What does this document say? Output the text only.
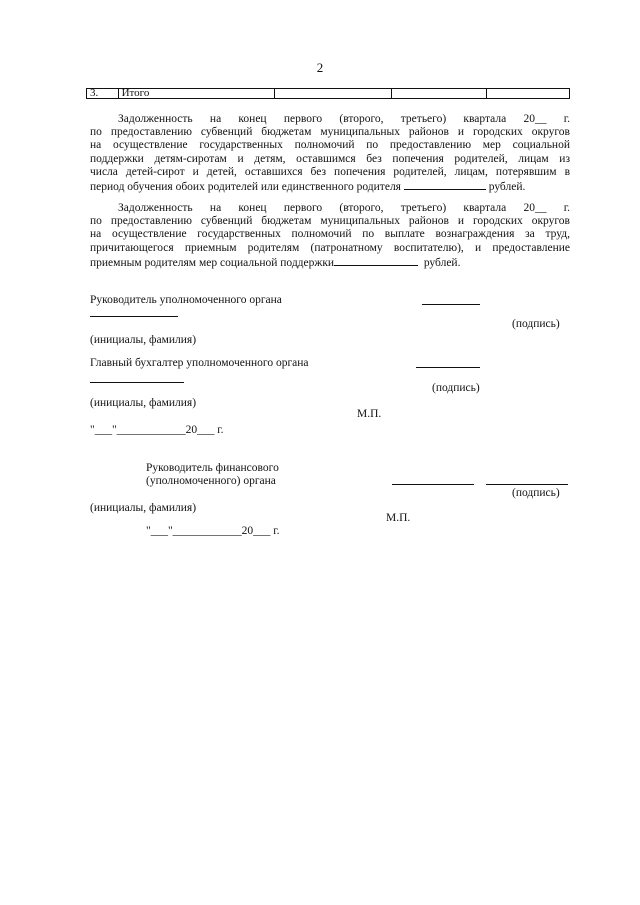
2
3.	Итого			
Задолженность на конец первого (второго, третьего) квартала 20__ г.
по предоставлению субвенций бюджетам муниципальных районов и городских округов
на осуществление государственных полномочий по предоставлению мер социальной
поддержки детям-сиротам и детям, оставшимся без попечения родителей, лицам из
числа детей-сирот и детей, оставшихся без попечения родителей, лицам, потерявшим в
период обучения обоих родителей или единственного родителя	рублей.
Задолженность на конец первого (второго, третьего) квартала 20__ г.
по предоставлению субвенций бюджетам муниципальных районов и городских округов
на осуществление государственных полномочий по выплате вознаграждения за труд,
причитающегося приемным родителям (патронатному воспитателю), и предоставление
приемным родителям мер социальной поддержки	рублей.
Руководитель уполномоченного органа
(подпись)
(инициалы, фамилия)
Главный бухгалтер уполномоченного органа
(подпись)
(инициалы, фамилия)
М.П.
"___"____________20___ г.
Руководитель финансового
(уполномоченного) органа
(подпись)
(инициалы, фамилия)
М.П.
"___"____________20___ г.
